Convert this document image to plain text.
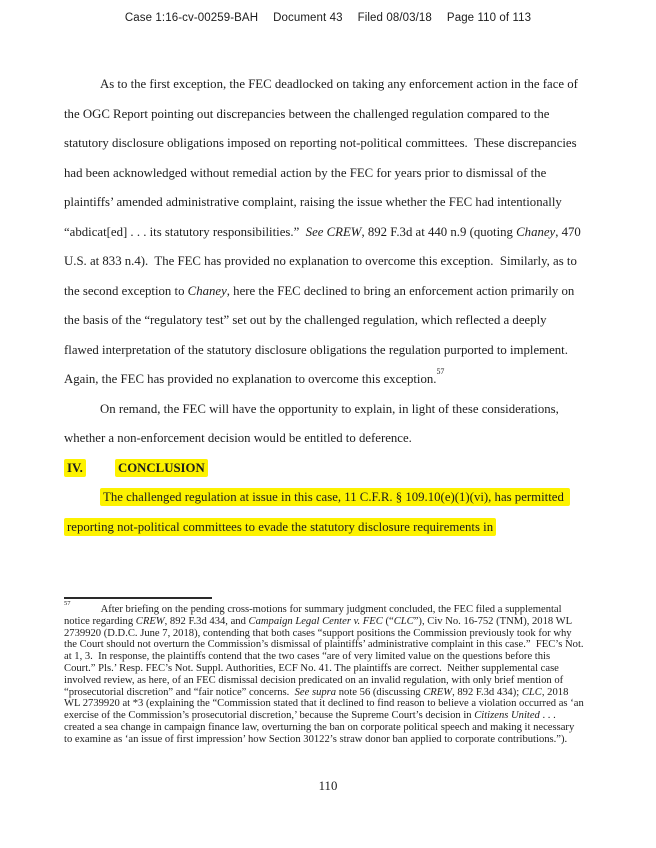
Case 1:16-cv-00259-BAH Document 43 Filed 08/03/18 Page 110 of 113

As to the first exception, the FEC deadlocked on taking any enforcement action in the face of the OGC Report pointing out discrepancies between the challenged regulation compared to the statutory disclosure obligations imposed on reporting not-political committees.  These discrepancies had been acknowledged without remedial action by the FEC for years prior to dismissal of the plaintiffs’ amended administrative complaint, raising the issue whether the FEC had intentionally “abdicat[ed] . . . its statutory responsibilities.”  See CREW, 892 F.3d at 440 n.9 (quoting Chaney, 470 U.S. at 833 n.4).  The FEC has provided no explanation to overcome this exception.  Similarly, as to the second exception to Chaney, here the FEC declined to bring an enforcement action primarily on the basis of the “regulatory test” set out by the challenged regulation, which reflected a deeply flawed interpretation of the statutory disclosure obligations the regulation purported to implement.  Again, the FEC has provided no explanation to overcome this exception.$^{57}$

On remand, the FEC will have the opportunity to explain, in light of these considerations, whether a non-enforcement decision would be entitled to deference.

IV.	CONCLUSION

The challenged regulation at issue in this case, 11 C.F.R. § 109.10(e)(1)(vi), has permitted reporting not-political committees to evade the statutory disclosure requirements in

$^{57}$After briefing on the pending cross-motions for summary judgment concluded, the FEC filed a supplemental notice regarding CREW, 892 F.3d 434, and Campaign Legal Center v. FEC (“CLC”), Civ No. 16-752 (TNM), 2018 WL 2739920 (D.D.C. June 7, 2018), contending that both cases “support positions the Commission previously took for why the Court should not overturn the Commission’s dismissal of plaintiffs’ administrative complaint in this case.”  FEC’s Not. at 1, 3.  In response, the plaintiffs contend that the two cases “are of very limited value on the questions before this Court.” Pls.’ Resp. FEC’s Not. Suppl. Authorities, ECF No. 41. The plaintiffs are correct.  Neither supplemental case involved review, as here, of an FEC dismissal decision predicated on an invalid regulation, with only brief mention of “prosecutorial discretion” and “fair notice” concerns.  See supra note 56 (discussing CREW, 892 F.3d 434); CLC, 2018 WL 2739920 at *3 (explaining the “Commission stated that it declined to find reason to believe a violation occurred as ‘an exercise of the Commission’s prosecutorial discretion,’ because the Supreme Court’s decision in Citizens United . . . created a sea change in campaign finance law, overturning the ban on corporate political speech and making it necessary to examine as ‘an issue of first impression’ how Section 30122’s straw donor ban applied to corporate contributions.”).
110
